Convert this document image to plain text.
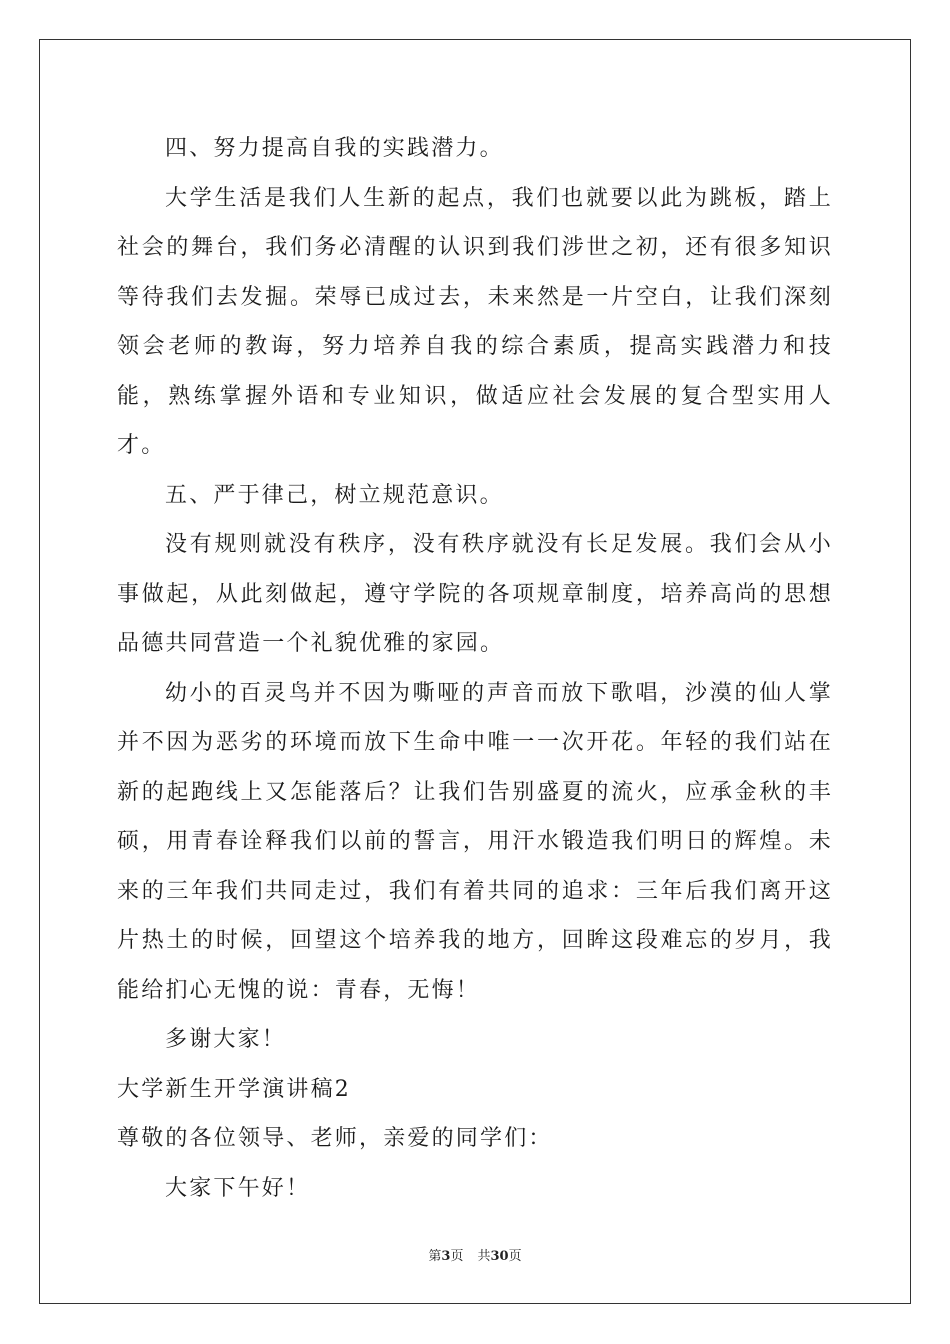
四、努力提高自我的实践潜力。

大学生活是我们人生新的起点，我们也就要以此为跳板，踏上社会的舞台，我们务必清醒的认识到我们涉世之初，还有很多知识等待我们去发掘。荣辱已成过去，未来然是一片空白，让我们深刻领会老师的教诲，努力培养自我的综合素质，提高实践潜力和技能，熟练掌握外语和专业知识，做适应社会发展的复合型实用人才。

五、严于律己，树立规范意识。

没有规则就没有秩序，没有秩序就没有长足发展。我们会从小事做起，从此刻做起，遵守学院的各项规章制度，培养高尚的思想品德共同营造一个礼貌优雅的家园。

幼小的百灵鸟并不因为嘶哑的声音而放下歌唱，沙漠的仙人掌并不因为恶劣的环境而放下生命中唯一一次开花。年轻的我们站在新的起跑线上又怎能落后？让我们告别盛夏的流火，应承金秋的丰硕，用青春诠释我们以前的誓言，用汗水锻造我们明日的辉煌。未来的三年我们共同走过，我们有着共同的追求：三年后我们离开这片热土的时候，回望这个培养我的地方，回眸这段难忘的岁月，我能给扪心无愧的说：青春，无悔！

多谢大家！

大学新生开学演讲稿2

尊敬的各位领导、老师，亲爱的同学们：

大家下午好！

第3页 共30页
